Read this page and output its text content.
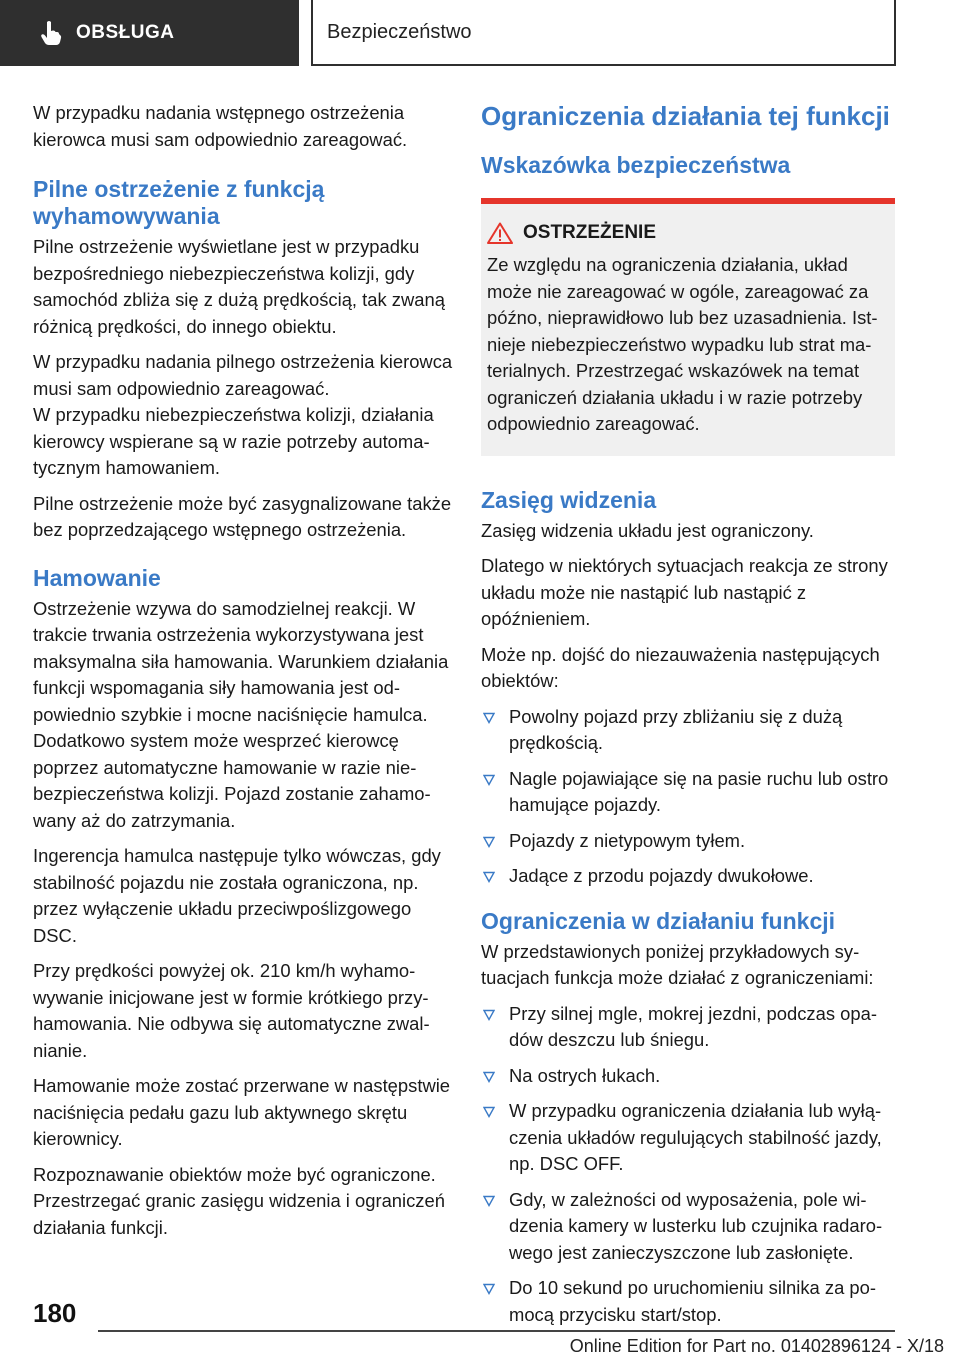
OBSŁUGA	Bezpieczeństwo

W przypadku nadania wstępnego ostrzeżenia kierowca musi sam odpowiednio zareagować.

Pilne ostrzeżenie z funkcją wyhamowywania

Pilne ostrzeżenie wyświetlane jest w przypadku bezpośredniego niebezpieczeństwa kolizji, gdy samochód zbliża się z dużą prędkością, tak zwaną różnicą prędkości, do innego obiektu.

W przypadku nadania pilnego ostrzeżenia kierowca musi sam odpowiednio zareagować.

W przypadku niebezpieczeństwa kolizji, działania kierowcy wspierane są w razie potrzeby automatycznym hamowaniem.

Pilne ostrzeżenie może być zasygnalizowane także bez poprzedzającego wstępnego ostrzeżenia.

Hamowanie

Ostrzeżenie wzywa do samodzielnej reakcji. W trakcie trwania ostrzeżenia wykorzystywana jest maksymalna siła hamowania. Warunkiem działania funkcji wspomagania siły hamowania jest odpowiednio szybkie i mocne naciśnięcie hamulca. Dodatkowo system może wesprzeć kierowcę poprzez automatyczne hamowanie w razie niebezpieczeństwa kolizji. Pojazd zostanie zahamowany aż do zatrzymania.

Ingerencja hamulca następuje tylko wówczas, gdy stabilność pojazdu nie została ograniczona, np. przez wyłączenie układu przeciwpoślizgowego DSC.

Przy prędkości powyżej ok. 210 km/h wyhamowywanie inicjowane jest w formie krótkiego przyhamowania. Nie odbywa się automatyczne zwalnianie.

Hamowanie może zostać przerwane w następstwie naciśnięcia pedału gazu lub aktywnego skrętu kierownicy.

Rozpoznawanie obiektów może być ograniczone. Przestrzegać granic zasięgu widzenia i ograniczeń działania funkcji.

Ograniczenia działania tej funkcji
Wskazówka bezpieczeństwa
OSTRZEŻENIE

Ze względu na ograniczenia działania, układ może nie zareagować w ogóle, zareagować za późno, nieprawidłowo lub bez uzasadnienia. Istnieje niebezpieczeństwo wypadku lub strat materialnych. Przestrzegać wskazówek na temat ograniczeń działania układu i w razie potrzeby odpowiednio zareagować.

Zasięg widzenia

Zasięg widzenia układu jest ograniczony.

Dlatego w niektórych sytuacjach reakcja ze strony układu może nie nastąpić lub nastąpić z opóźnieniem.

Może np. dojść do niezauważenia następujących obiektów:

Powolny pojazd przy zbliżaniu się z dużą prędkością.
Nagle pojawiające się na pasie ruchu lub ostro hamujące pojazdy.
Pojazdy z nietypowym tyłem.
Jadące z przodu pojazdy dwukołowe.
Ograniczenia w działaniu funkcji

W przedstawionych poniżej przykładowych sytuacjach funkcja może działać z ograniczeniami:

Przy silnej mgle, mokrej jezdni, podczas opadów deszczu lub śniegu.
Na ostrych łukach.
W przypadku ograniczenia działania lub wyłączenia układów regulujących stabilność jazdy, np. DSC OFF.
Gdy, w zależności od wyposażenia, pole widzenia kamery w lusterku lub czujnika radarowego jest zanieczyszczone lub zasłonięte.
Do 10 sekund po uruchomieniu silnika za pomocą przycisku start/stop.
180
Online Edition for Part no. 01402896124 - X/18
